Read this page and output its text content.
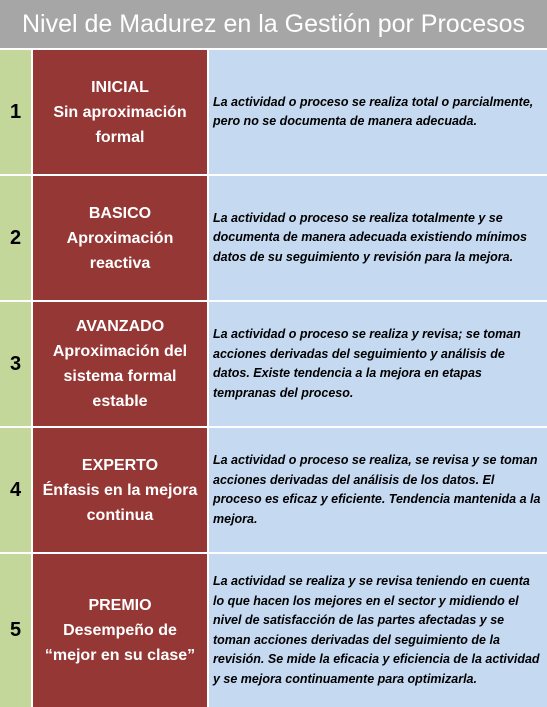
Nivel de Madurez en la Gestión por Procesos
1
INICIAL
Sin aproximación formal
La actividad o proceso se realiza total o parcialmente, pero no se documenta de manera adecuada.
2
BASICO
Aproximación reactiva
La actividad o proceso se realiza totalmente y se documenta de manera adecuada existiendo mínimos datos de su seguimiento y revisión para la mejora.
3
AVANZADO
Aproximación del sistema formal estable
La actividad o proceso se realiza y revisa; se toman acciones derivadas del seguimiento y análisis de datos. Existe tendencia a la mejora en etapas tempranas del proceso.
4
EXPERTO
Énfasis en la mejora continua
La actividad o proceso se realiza, se revisa y se toman acciones derivadas del análisis de los datos. El proceso es eficaz y eficiente. Tendencia mantenida a la mejora.
5
PREMIO
Desempeño de “mejor en su clase”
La actividad se realiza y se revisa teniendo en cuenta lo que hacen los mejores en el sector y midiendo el nivel de satisfacción de las partes afectadas y se toman acciones derivadas del seguimiento de la revisión. Se mide la eficacia y eficiencia de la actividad y se mejora continuamente para optimizarla.
